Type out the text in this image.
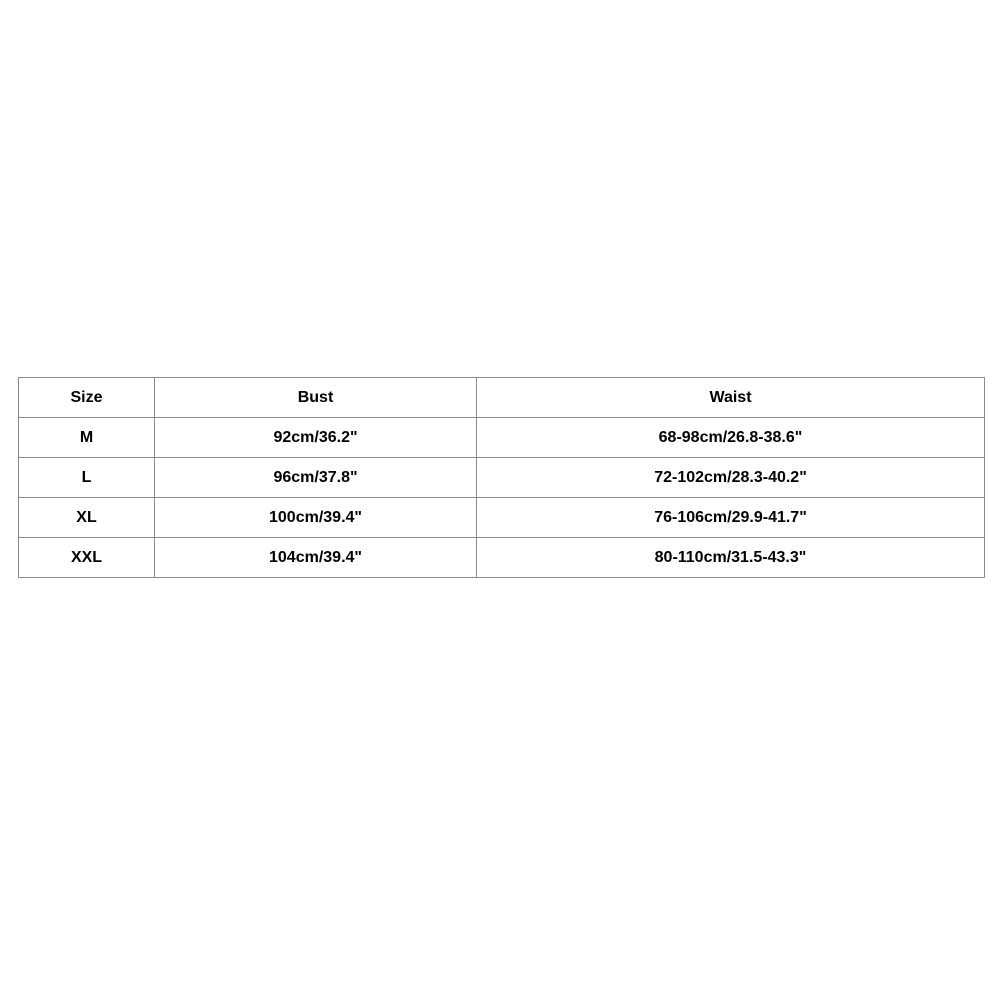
Size	Bust	Waist
M	92cm/36.2"	68-98cm/26.8-38.6"
L	96cm/37.8"	72-102cm/28.3-40.2"
XL	100cm/39.4"	76-106cm/29.9-41.7"
XXL	104cm/39.4"	80-110cm/31.5-43.3"
